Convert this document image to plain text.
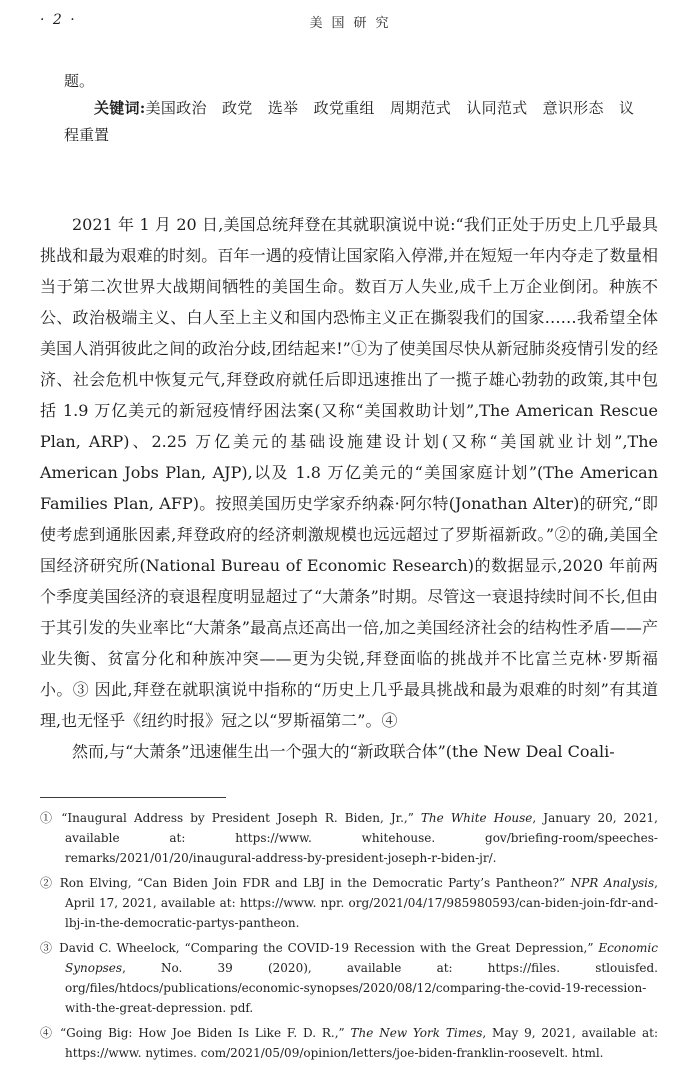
· 2 ·	美国研究

题。

关键词:美国政治　政党　选举　政党重组　周期范式　认同范式　意识形态　议程重置

2021 年 1 月 20 日,美国总统拜登在其就职演说中说:“我们正处于历史上几乎最具挑战和最为艰难的时刻。百年一遇的疫情让国家陷入停滞,并在短短一年内夺走了数量相当于第二次世界大战期间牺牲的美国生命。数百万人失业,成千上万企业倒闭。种族不公、政治极端主义、白人至上主义和国内恐怖主义正在撕裂我们的国家……我希望全体美国人消弭彼此之间的政治分歧,团结起来!”①为了使美国尽快从新冠肺炎疫情引发的经济、社会危机中恢复元气,拜登政府就任后即迅速推出了一揽子雄心勃勃的政策,其中包括 1.9 万亿美元的新冠疫情纾困法案(又称“美国救助计划”,The American Rescue Plan, ARP)、2.25 万亿美元的基础设施建设计划(又称“美国就业计划”,The American Jobs Plan, AJP),以及 1.8 万亿美元的“美国家庭计划”(The American Families Plan, AFP)。按照美国历史学家乔纳森·阿尔特(Jonathan Alter)的研究,“即使考虑到通胀因素,拜登政府的经济刺激规模也远远超过了罗斯福新政。”②的确,美国全国经济研究所(National Bureau of Economic Research)的数据显示,2020 年前两个季度美国经济的衰退程度明显超过了“大萧条”时期。尽管这一衰退持续时间不长,但由于其引发的失业率比“大萧条”最高点还高出一倍,加之美国经济社会的结构性矛盾——产业失衡、贫富分化和种族冲突——更为尖锐,拜登面临的挑战并不比富兰克林·罗斯福小。③ 因此,拜登在就职演说中指称的“历史上几乎最具挑战和最为艰难的时刻”有其道理,也无怪乎《纽约时报》冠之以“罗斯福第二”。④

然而,与“大萧条”迅速催生出一个强大的“新政联合体”(the New Deal Coali-

① “Inaugural Address by President Joseph R. Biden, Jr.,” The White House, January 20, 2021, available at: https://www. whitehouse. gov/briefing-room/speeches-remarks/2021/01/20/inaugural-address-by-president-joseph-r-biden-jr/.
② Ron Elving, “Can Biden Join FDR and LBJ in the Democratic Party’s Pantheon?” NPR Analysis, April 17, 2021, available at: https://www. npr. org/2021/04/17/985980593/can-biden-join-fdr-and-lbj-in-the-democratic-partys-pantheon.
③ David C. Wheelock, “Comparing the COVID-19 Recession with the Great Depression,” Economic Synopses, No. 39 (2020), available at: https://files. stlouisfed. org/files/htdocs/publications/economic-synopses/2020/08/12/comparing-the-covid-19-recession-with-the-great-depression. pdf.
④ “Going Big: How Joe Biden Is Like F. D. R.,” The New York Times, May 9, 2021, available at: https://www. nytimes. com/2021/05/09/opinion/letters/joe-biden-franklin-roosevelt. html.
